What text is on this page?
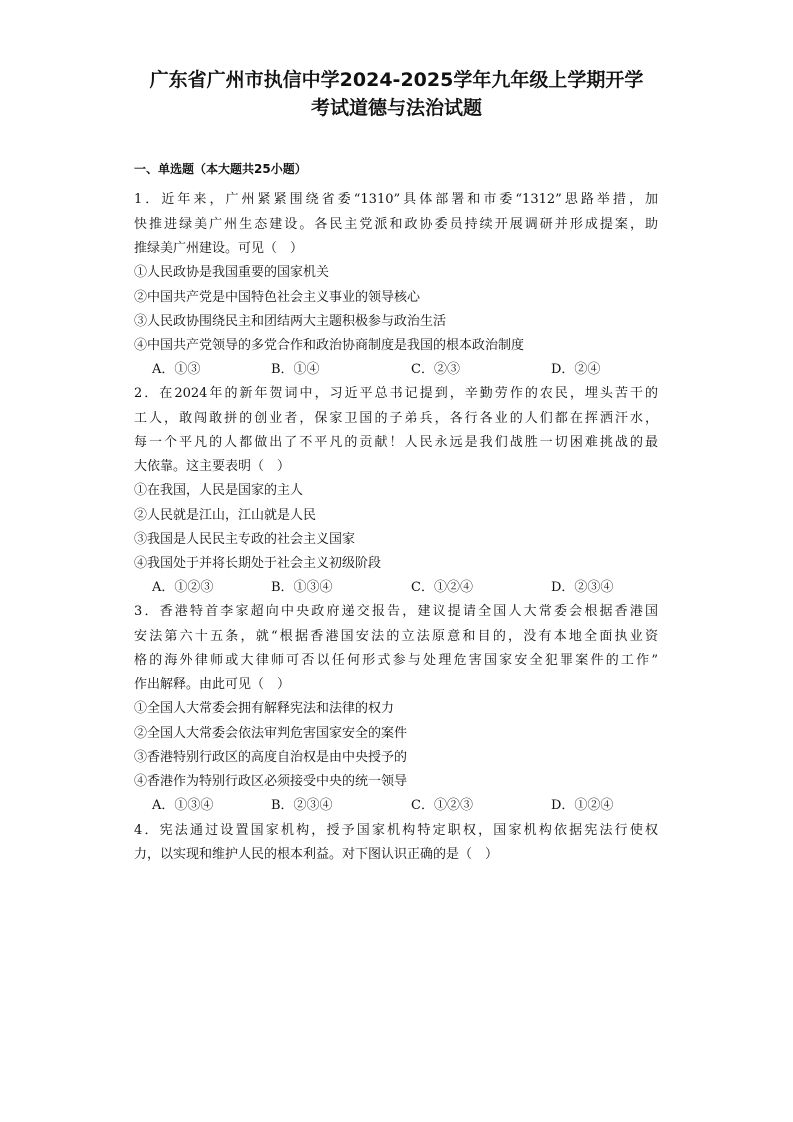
广东省广州市执信中学2024-2025学年九年级上学期开学
考试道德与法治试题
一、单选题（本大题共25小题）

1．近年来，广州紧紧围绕省委“1310”具体部署和市委“1312”思路举措，加

快推进绿美广州生态建设。各民主党派和政协委员持续开展调研并形成提案，助

推绿美广州建设。可见（　）

①人民政协是我国重要的国家机关

②中国共产党是中国特色社会主义事业的领导核心

③人民政协围绕民主和团结两大主题积极参与政治生活

④中国共产党领导的多党合作和政治协商制度是我国的根本政治制度

A．①③	B．①④	C．②③	D．②④

2．在2024年的新年贺词中，习近平总书记提到，辛勤劳作的农民，埋头苦干的

工人，敢闯敢拼的创业者，保家卫国的子弟兵，各行各业的人们都在挥洒汗水，

每一个平凡的人都做出了不平凡的贡献！人民永远是我们战胜一切困难挑战的最

大依靠。这主要表明（　）

①在我国，人民是国家的主人

②人民就是江山，江山就是人民

③我国是人民民主专政的社会主义国家

④我国处于并将长期处于社会主义初级阶段

A．①②③	B．①③④	C．①②④	D．②③④

3．香港特首李家超向中央政府递交报告，建议提请全国人大常委会根据香港国

安法第六十五条，就“根据香港国安法的立法原意和目的，没有本地全面执业资

格的海外律师或大律师可否以任何形式参与处理危害国家安全犯罪案件的工作”

作出解释。由此可见（　）

①全国人大常委会拥有解释宪法和法律的权力

②全国人大常委会依法审判危害国家安全的案件

③香港特别行政区的高度自治权是由中央授予的

④香港作为特别行政区必须接受中央的统一领导

A．①③④	B．②③④	C．①②③	D．①②④

4．宪法通过设置国家机构，授予国家机构特定职权，国家机构依据宪法行使权

力，以实现和维护人民的根本利益。对下图认识正确的是（　）
